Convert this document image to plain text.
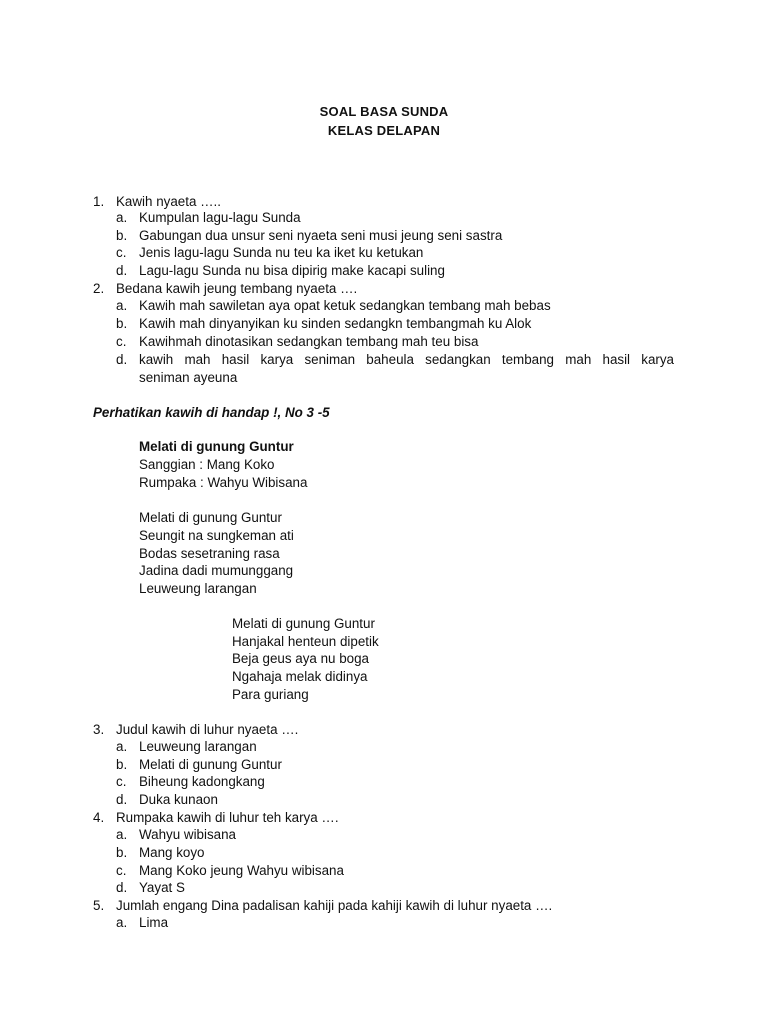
SOAL BASA SUNDA
KELAS DELAPAN
1. Kawih nyaeta …..
a. Kumpulan lagu-lagu Sunda
b. Gabungan dua unsur seni nyaeta seni musi jeung seni sastra
c. Jenis lagu-lagu Sunda nu teu ka iket ku ketukan
d. Lagu-lagu Sunda nu bisa dipirig make kacapi suling
2. Bedana kawih jeung tembang nyaeta ….
a. Kawih mah sawiletan aya opat ketuk sedangkan tembang mah bebas
b. Kawih mah dinyanyikan ku sinden sedangkn tembangmah ku Alok
c. Kawihmah dinotasikan sedangkan tembang mah teu bisa
d. kawih mah hasil karya seniman baheula sedangkan tembang mah hasil karya
seniman ayeuna
Perhatikan kawih di handap !, No 3 -5
Melati di gunung Guntur
Sanggian : Mang Koko
Rumpaka : Wahyu Wibisana
Melati di gunung Guntur
Seungit na sungkeman ati
Bodas sesetraning rasa
Jadina dadi mumunggang
Leuweung larangan
Melati di gunung Guntur
Hanjakal henteun dipetik
Beja geus aya nu boga
Ngahaja melak didinya
Para guriang
3. Judul kawih di luhur nyaeta ….
a. Leuweung larangan
b. Melati di gunung Guntur
c. Biheung kadongkang
d. Duka kunaon
4. Rumpaka kawih di luhur teh karya ….
a. Wahyu wibisana
b. Mang koyo
c. Mang Koko jeung Wahyu wibisana
d. Yayat S
5. Jumlah engang Dina padalisan kahiji pada kahiji kawih di luhur nyaeta ….
a. Lima
